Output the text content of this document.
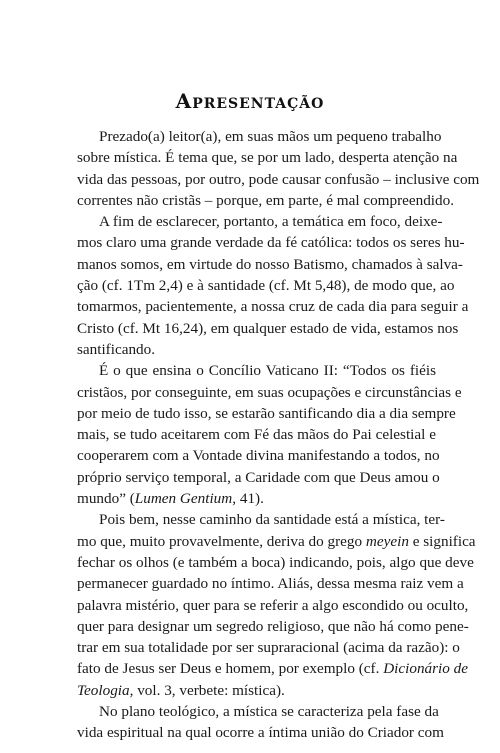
Apresentação
Prezado(a) leitor(a), em suas mãos um pequeno trabalho
sobre mística. É tema que, se por um lado, desperta atenção na
vida das pessoas, por outro, pode causar confusão – inclusive com
correntes não cristãs – porque, em parte, é mal compreendido.
A fim de esclarecer, portanto, a temática em foco, deixe-
mos claro uma grande verdade da fé católica: todos os seres hu-
manos somos, em virtude do nosso Batismo, chamados à salva-
ção (cf. 1Tm 2,4) e à santidade (cf. Mt 5,48), de modo que, ao
tomarmos, pacientemente, a nossa cruz de cada dia para seguir a
Cristo (cf. Mt 16,24), em qualquer estado de vida, estamos nos
santificando.
É o que ensina o Concílio Vaticano II: “Todos os fiéis
cristãos, por conseguinte, em suas ocupações e circunstâncias e
por meio de tudo isso, se estarão santificando dia a dia sempre
mais, se tudo aceitarem com Fé das mãos do Pai celestial e
cooperarem com a Vontade divina manifestando a todos, no
próprio serviço temporal, a Caridade com que Deus amou o
mundo” (Lumen Gentium, 41).
Pois bem, nesse caminho da santidade está a mística, ter-
mo que, muito provavelmente, deriva do grego meyein e significa
fechar os olhos (e também a boca) indicando, pois, algo que deve
permanecer guardado no íntimo. Aliás, dessa mesma raiz vem a
palavra mistério, quer para se referir a algo escondido ou oculto,
quer para designar um segredo religioso, que não há como pene-
trar em sua totalidade por ser supraracional (acima da razão): o
fato de Jesus ser Deus e homem, por exemplo (cf. Dicionário de
Teologia, vol. 3, verbete: mística).
No plano teológico, a mística se caracteriza pela fase da
vida espiritual na qual ocorre a íntima união do Criador com
